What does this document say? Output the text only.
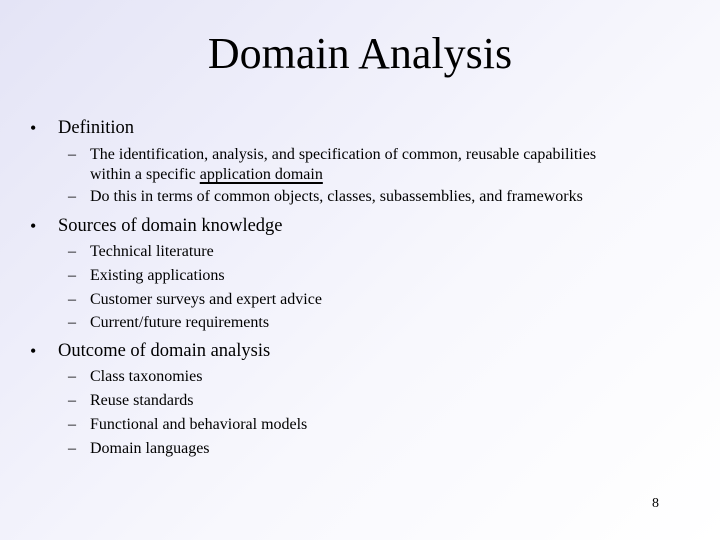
Domain Analysis
• Definition
– The identification, analysis, and specification of common, reusable capabilities
within a specific application domain
– Do this in terms of common objects, classes, subassemblies, and frameworks
• Sources of domain knowledge
– Technical literature
– Existing applications
– Customer surveys and expert advice
– Current/future requirements
• Outcome of domain analysis
– Class taxonomies
– Reuse standards
– Functional and behavioral models
– Domain languages
8
